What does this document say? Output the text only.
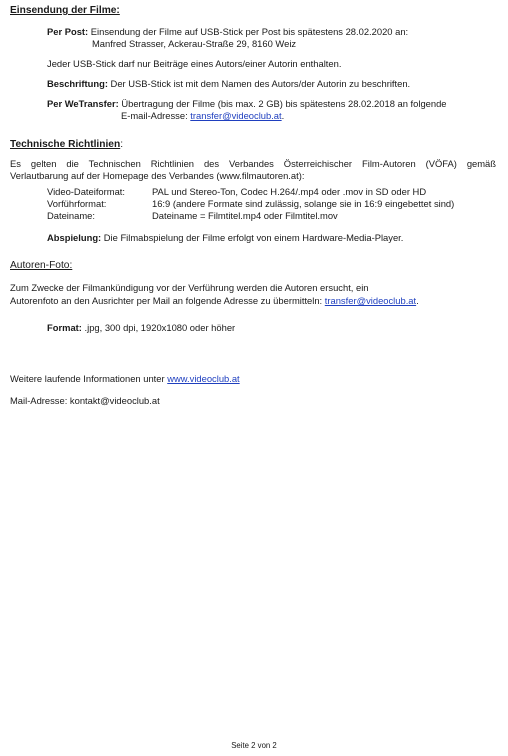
Einsendung der Filme:
Per Post: Einsendung der Filme auf USB-Stick per Post bis spätestens 28.02.2020 an:
Manfred Strasser, Ackerau-Straße 29, 8160 Weiz
Jeder USB-Stick darf nur Beiträge eines Autors/einer Autorin enthalten.
Beschriftung: Der USB-Stick ist mit dem Namen des Autors/der Autorin zu beschriften.
Per WeTransfer: Übertragung der Filme (bis max. 2 GB) bis spätestens 28.02.2018 an folgende
E-mail-Adresse: transfer@videoclub.at.
Technische Richtlinien:
Es gelten die Technischen Richtlinien des Verbandes Österreichischer Film-Autoren (VÖFA) gemäß
Verlautbarung auf der Homepage des Verbandes (www.filmautoren.at):
Video-Dateiformat:	PAL und Stereo-Ton, Codec H.264/.mp4 oder .mov in SD oder HD
Vorführformat:	16:9 (andere Formate sind zulässig, solange sie in 16:9 eingebettet sind)
Dateiname:	Dateiname = Filmtitel.mp4 oder Filmtitel.mov
Abspielung: Die Filmabspielung der Filme erfolgt von einem Hardware-Media-Player.
Autoren-Foto:
Zum Zwecke der Filmankündigung vor der Verführung werden die Autoren ersucht, ein
Autorenfoto an den Ausrichter per Mail an folgende Adresse zu übermitteln: transfer@videoclub.at.
Format: .jpg, 300 dpi, 1920x1080 oder höher
Weitere laufende Informationen unter www.videoclub.at
Mail-Adresse: kontakt@videoclub.at
Seite 2 von 2
